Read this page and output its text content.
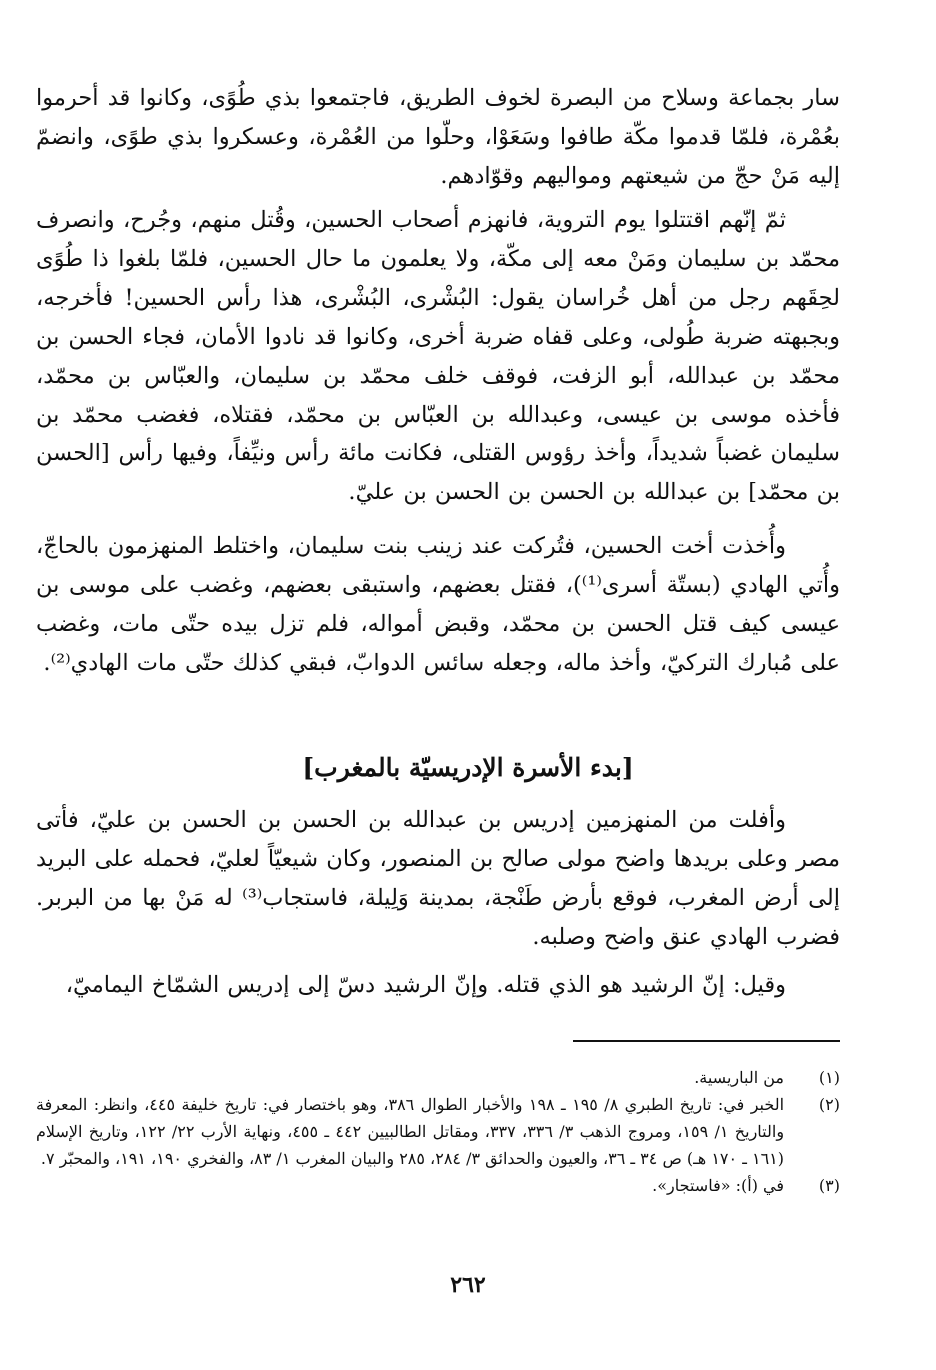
سار بجماعة وسلاح من البصرة لخوف الطريق، فاجتمعوا بذي طُوًى، وكانوا قد أحرموا بعُمْرة، فلمّا قدموا مكّة طافوا وسَعَوْا، وحلّوا من العُمْرة، وعسكروا بذي طوًى، وانضمّ إليه مَنْ حجّ من شيعتهم ومواليهم وقوّادهم.

ثمّ إنّهم اقتتلوا يوم التروية، فانهزم أصحاب الحسين، وقُتل منهم، وجُرح، وانصرف محمّد بن سليمان ومَنْ معه إلى مكّة، ولا يعلمون ما حال الحسين، فلمّا بلغوا ذا طُوًى لحِقَهم رجل من أهل خُراسان يقول: البُشْرى، البُشْرى، هذا رأس الحسين! فأخرجه، وبجبهته ضربة طُولى، وعلى قفاه ضربة أخرى، وكانوا قد نادوا الأمان، فجاء الحسن بن محمّد بن عبدالله، أبو الزفت، فوقف خلف محمّد بن سليمان، والعبّاس بن محمّد، فأخذه موسى بن عيسى، وعبدالله بن العبّاس بن محمّد، فقتلاه، فغضب محمّد بن سليمان غضباً شديداً، وأخذ رؤوس القتلى، فكانت مائة رأس ونيِّفاً، وفيها رأس [الحسن بن محمّد] بن عبدالله بن الحسن بن الحسن بن عليّ.

وأُخذت أخت الحسين، فتُركت عند زينب بنت سليمان، واختلط المنهزمون بالحاجّ، وأُتي الهادي (بستّة أسرى⁽¹⁾)، فقتل بعضهم، واستبقى بعضهم، وغضب على موسى بن عيسى كيف قتل الحسن بن محمّد، وقبض أمواله، فلم تزل بيده حتّى مات، وغضب على مُبارك التركيّ، وأخذ ماله، وجعله سائس الدوابّ، فبقي كذلك حتّى مات الهادي⁽²⁾.

[بدء الأسرة الإدريسيّة بالمغرب]

وأفلت من المنهزمين إدريس بن عبدالله بن الحسن بن الحسن بن عليّ، فأتى مصر وعلى بريدها واضح مولى صالح بن المنصور، وكان شيعيّاً لعليّ، فحمله على البريد إلى أرض المغرب، فوقع بأرض طَنْجة، بمدينة وَلِيلة، فاستجاب⁽³⁾ له مَنْ بها من البربر. فضرب الهادي عنق واضح وصلبه.

وقيل: إنّ الرشيد هو الذي قتله. وإنّ الرشيد دسّ إلى إدريس الشمّاخ اليماميّ،

(١)
من الباريسية.
(٢)
الخبر في: تاريخ الطبري ٨/ ١٩٥ ـ ١٩٨ والأخبار الطوال ٣٨٦، وهو باختصار في: تاريخ خليفة ٤٤٥، وانظر: المعرفة والتاريخ ١/ ١٥٩، ومروج الذهب ٣/ ٣٣٦، ٣٣٧، ومقاتل الطالبيين ٤٤٢ ـ ٤٥٥، ونهاية الأرب ٢٢/ ١٢٢، وتاريخ الإسلام (١٦١ ـ ١٧٠ هـ) ص ٣٤ ـ ٣٦، والعيون والحدائق ٣/ ٢٨٤، ٢٨٥ والبيان المغرب ١/ ٨٣، والفخري ١٩٠، ١٩١، والمحبّر ٧.
(٣)
في (أ): «فاستجار».
٢٦٢
